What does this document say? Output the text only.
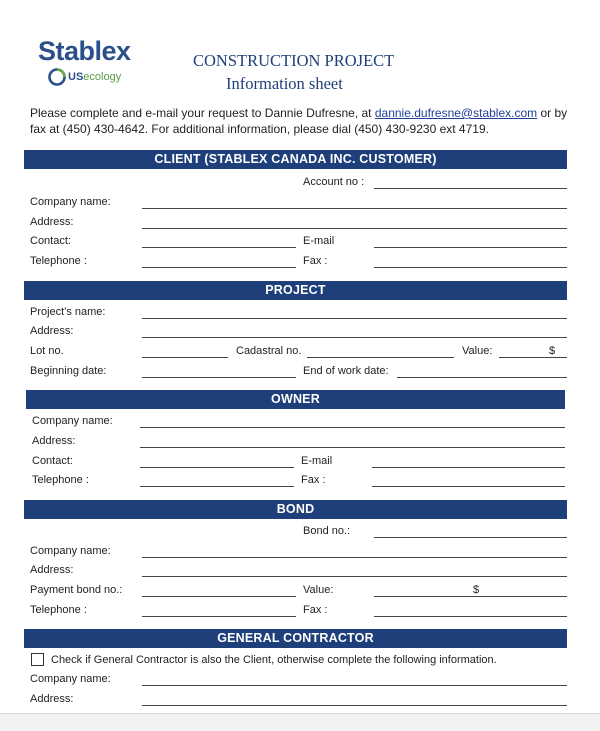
Stablex
USecology
CONSTRUCTION PROJECT
Information sheet
Please complete and e-mail your request to Dannie Dufresne, at dannie.dufresne@stablex.com or by
fax at (450) 430-4642. For additional information, please dial (450) 430-9230 ext 4719.
CLIENT (STABLEX CANADA INC. CUSTOMER)
Account no :
Company name:
Address:
Contact:	E-mail
Telephone :	Fax :
PROJECT
Project's name:
Address:
Lot no.	Cadastral no.	Value:	$
Beginning date:	End of work date:
OWNER
Company name:
Address:
Contact:	E-mail
Telephone :	Fax :
BOND
Bond no.:
Company name:
Address:
Payment bond no.:	Value:	$
Telephone :	Fax :
GENERAL CONTRACTOR
Check if General Contractor is also the Client, otherwise complete the following information.
Company name:
Address:
